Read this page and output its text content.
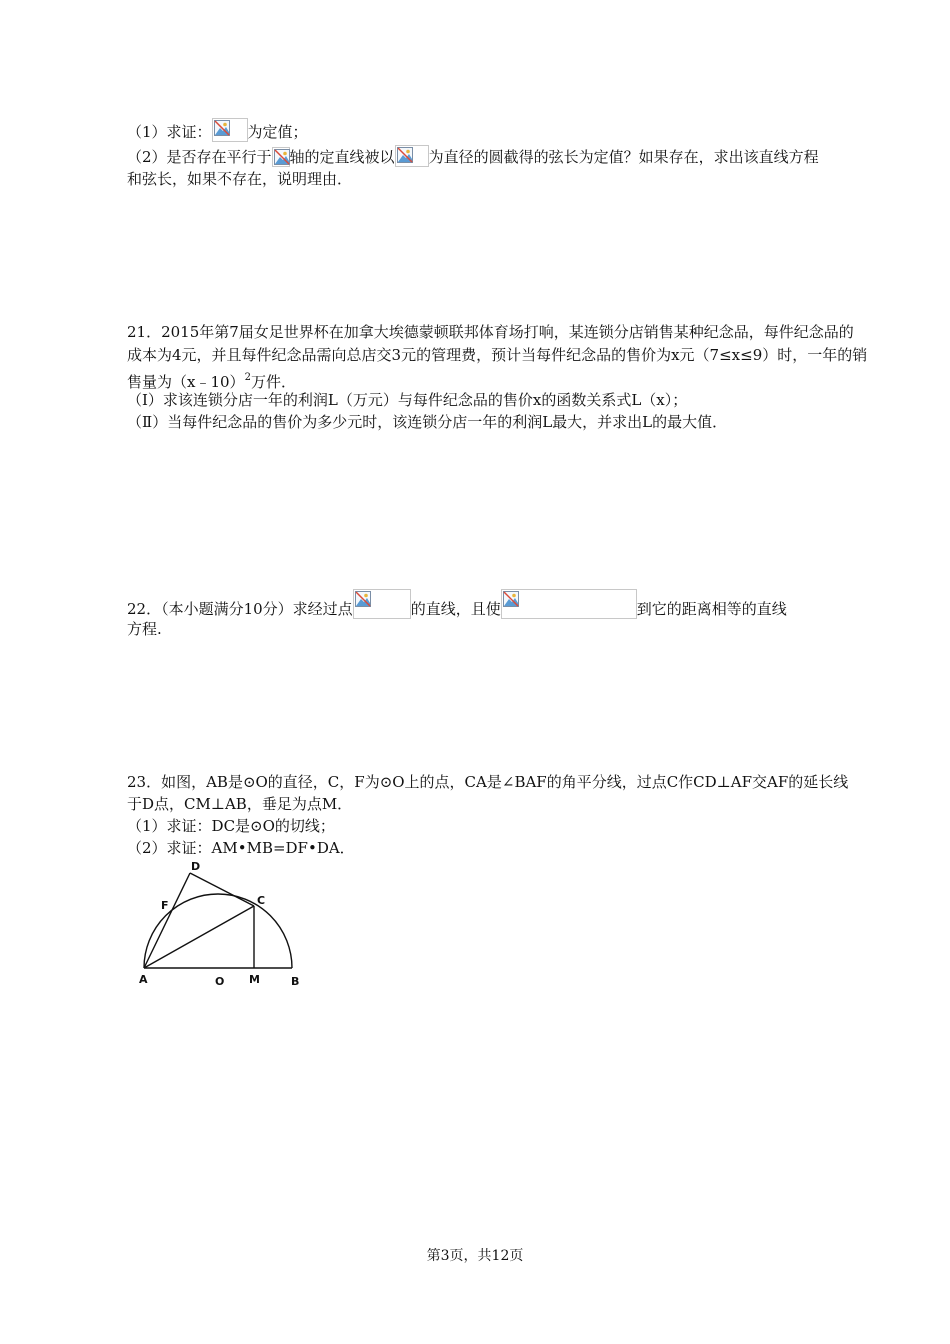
（1）求证： 为定值；
（2）是否存在平行于 轴的定直线被以 为直径的圆截得的弦长为定值？如果存在，求出该直线方程
和弦长，如果不存在，说明理由．
21．2015年第7届女足世界杯在加拿大埃德蒙顿联邦体育场打响，某连锁分店销售某种纪念品，每件纪念品的
成本为4元，并且每件纪念品需向总店交3元的管理费，预计当每件纪念品的售价为x元（7≤x≤9）时，一年的销
售量为（x﹣10）$^2$万件．
（Ⅰ）求该连锁分店一年的利润L（万元）与每件纪念品的售价x的函数关系式L（x）；
（Ⅱ）当每件纪念品的售价为多少元时，该连锁分店一年的利润L最大，并求出L的最大值．
22．（本小题满分10分）求经过点	的直线，且使	到它的距离相等的直线
方程.
23．如图，AB是⊙O的直径，C，F为⊙O上的点，CA是∠BAF的角平分线，过点C作CD⊥AF交AF的延长线
于D点，CM⊥AB，垂足为点M．
（1）求证：DC是⊙O的切线；
（2）求证：AM•MB=DF•DA．
D
F	C
A	O M	B
第3页，共12页
